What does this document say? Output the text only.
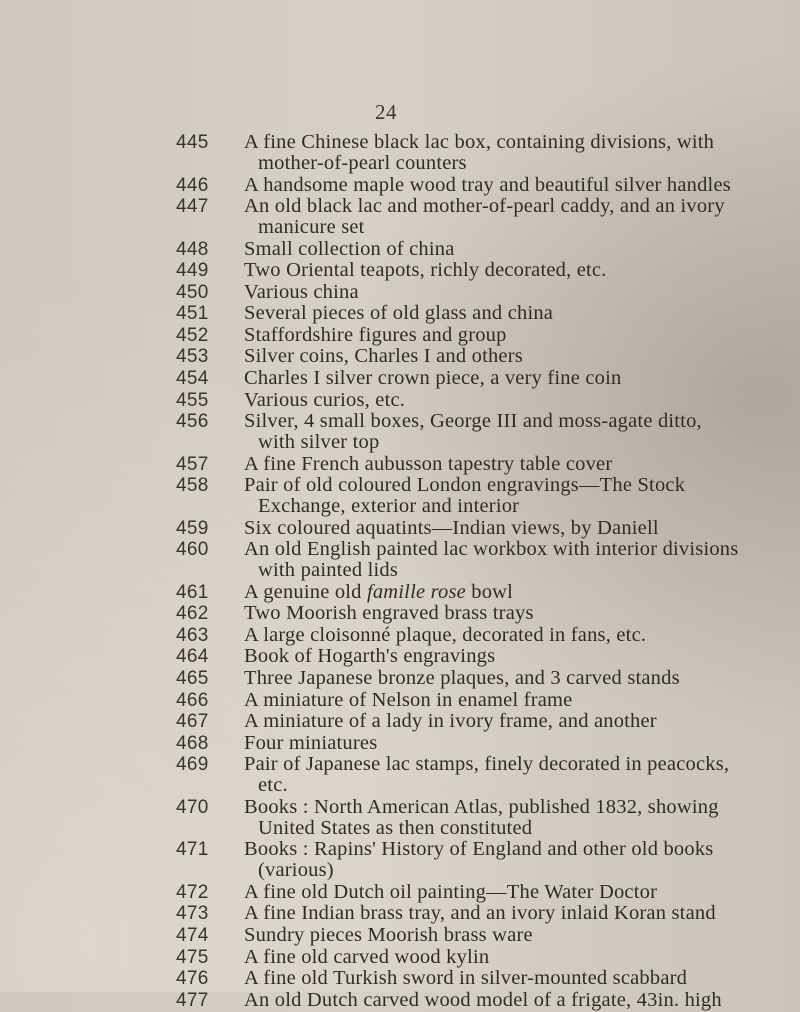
24
445 A fine Chinese black lac box, containing divisions, with
mother-of-pearl counters
446 A handsome maple wood tray and beautiful silver handles
447 An old black lac and mother-of-pearl caddy, and an ivory
manicure set
448 Small collection of china
449 Two Oriental teapots, richly decorated, etc.
450 Various china
451 Several pieces of old glass and china
452 Staffordshire figures and group
453 Silver coins, Charles I and others
454 Charles I silver crown piece, a very fine coin
455 Various curios, etc.
456 Silver, 4 small boxes, George III and moss-agate ditto,
with silver top
457 A fine French aubusson tapestry table cover
458 Pair of old coloured London engravings—The Stock
Exchange, exterior and interior
459 Six coloured aquatints—Indian views, by Daniell
460 An old English painted lac workbox with interior divisions
with painted lids
461 A genuine old famille rose bowl
462 Two Moorish engraved brass trays
463 A large cloisonné plaque, decorated in fans, etc.
464 Book of Hogarth's engravings
465 Three Japanese bronze plaques, and 3 carved stands
466 A miniature of Nelson in enamel frame
467 A miniature of a lady in ivory frame, and another
468 Four miniatures
469 Pair of Japanese lac stamps, finely decorated in peacocks,
etc.
470 Books : North American Atlas, published 1832, showing
United States as then constituted
471 Books : Rapins' History of England and other old books
(various)
472 A fine old Dutch oil painting—The Water Doctor
473 A fine Indian brass tray, and an ivory inlaid Koran stand
474 Sundry pieces Moorish brass ware
475 A fine old carved wood kylin
476 A fine old Turkish sword in silver-mounted scabbard
477 An old Dutch carved wood model of a frigate, 43in. high
